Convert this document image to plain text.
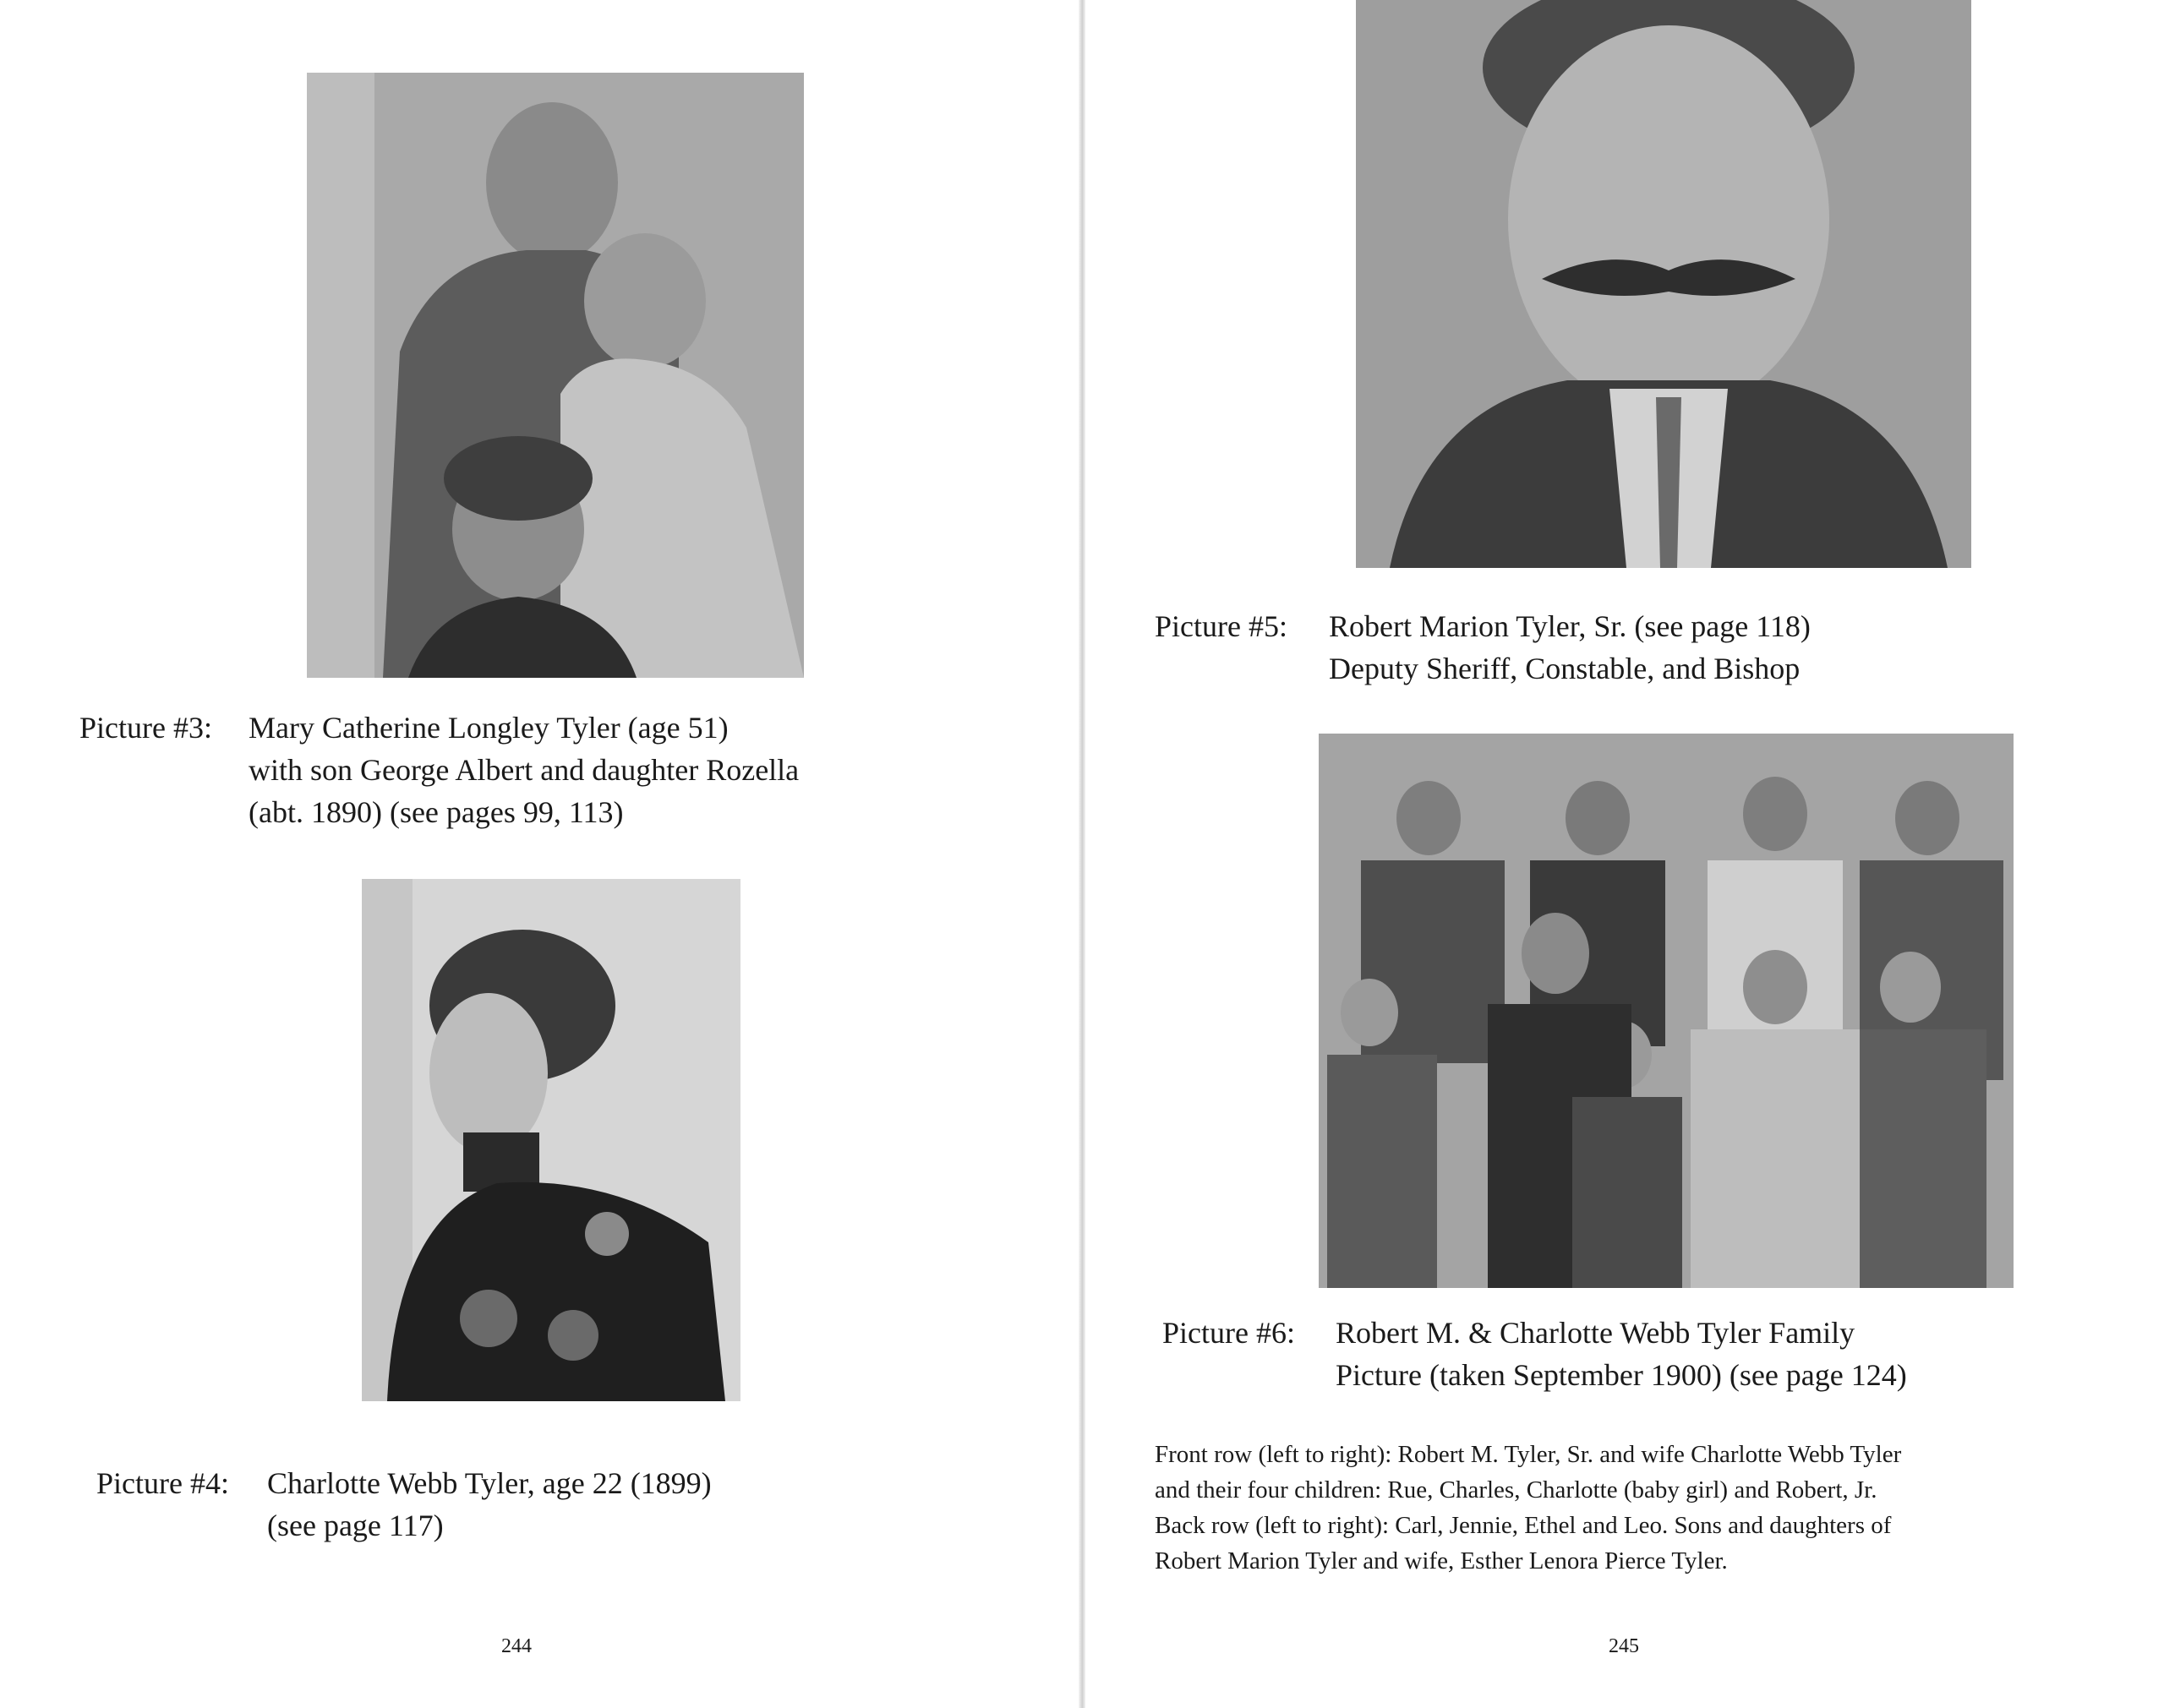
Picture #3:	Mary Catherine Longley Tyler (age 51)
with son George Albert and daughter Rozella
(abt. 1890) (see pages 99, 113)
Picture #4:	Charlotte Webb Tyler, age 22 (1899)
(see page 117)
244
Picture #5:	Robert Marion Tyler, Sr. (see page 118)
Deputy Sheriff, Constable, and Bishop
Picture #6:	Robert M. & Charlotte Webb Tyler Family
Picture (taken September 1900) (see page 124)
Front row (left to right): Robert M. Tyler, Sr. and wife Charlotte Webb Tyler
and their four children: Rue, Charles, Charlotte (baby girl) and Robert, Jr.
Back row (left to right): Carl, Jennie, Ethel and Leo. Sons and daughters of
Robert Marion Tyler and wife, Esther Lenora Pierce Tyler.
245
